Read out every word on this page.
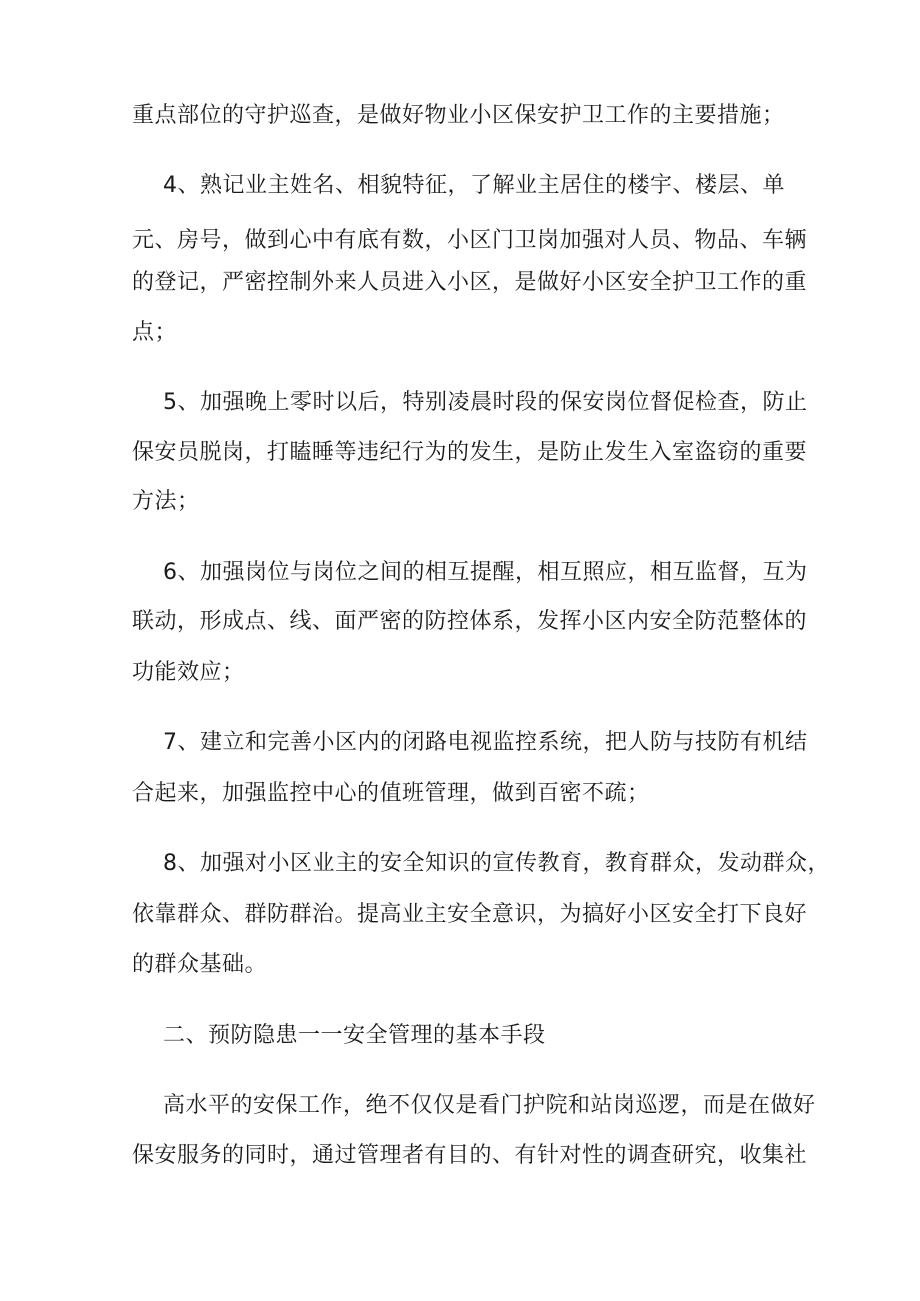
重点部位的守护巡查，是做好物业小区保安护卫工作的主要措施；
4、熟记业主姓名、相貌特征，了解业主居住的楼宇、楼层、单
元、房号，做到心中有底有数，小区门卫岗加强对人员、物品、车辆
的登记，严密控制外来人员进入小区，是做好小区安全护卫工作的重
点；
5、加强晚上零时以后，特别凌晨时段的保安岗位督促检查，防止
保安员脱岗，打瞌睡等违纪行为的发生，是防止发生入室盗窃的重要
方法；
6、加强岗位与岗位之间的相互提醒，相互照应，相互监督，互为
联动，形成点、线、面严密的防控体系，发挥小区内安全防范整体的
功能效应；
7、建立和完善小区内的闭路电视监控系统，把人防与技防有机结
合起来，加强监控中心的值班管理，做到百密不疏；
8、加强对小区业主的安全知识的宣传教育，教育群众，发动群众，
依靠群众、群防群治。提高业主安全意识，为搞好小区安全打下良好
的群众基础。
二、预防隐患一一安全管理的基本手段
高水平的安保工作，绝不仅仅是看门护院和站岗巡逻，而是在做好
保安服务的同时，通过管理者有目的、有针对性的调查研究，收集社
